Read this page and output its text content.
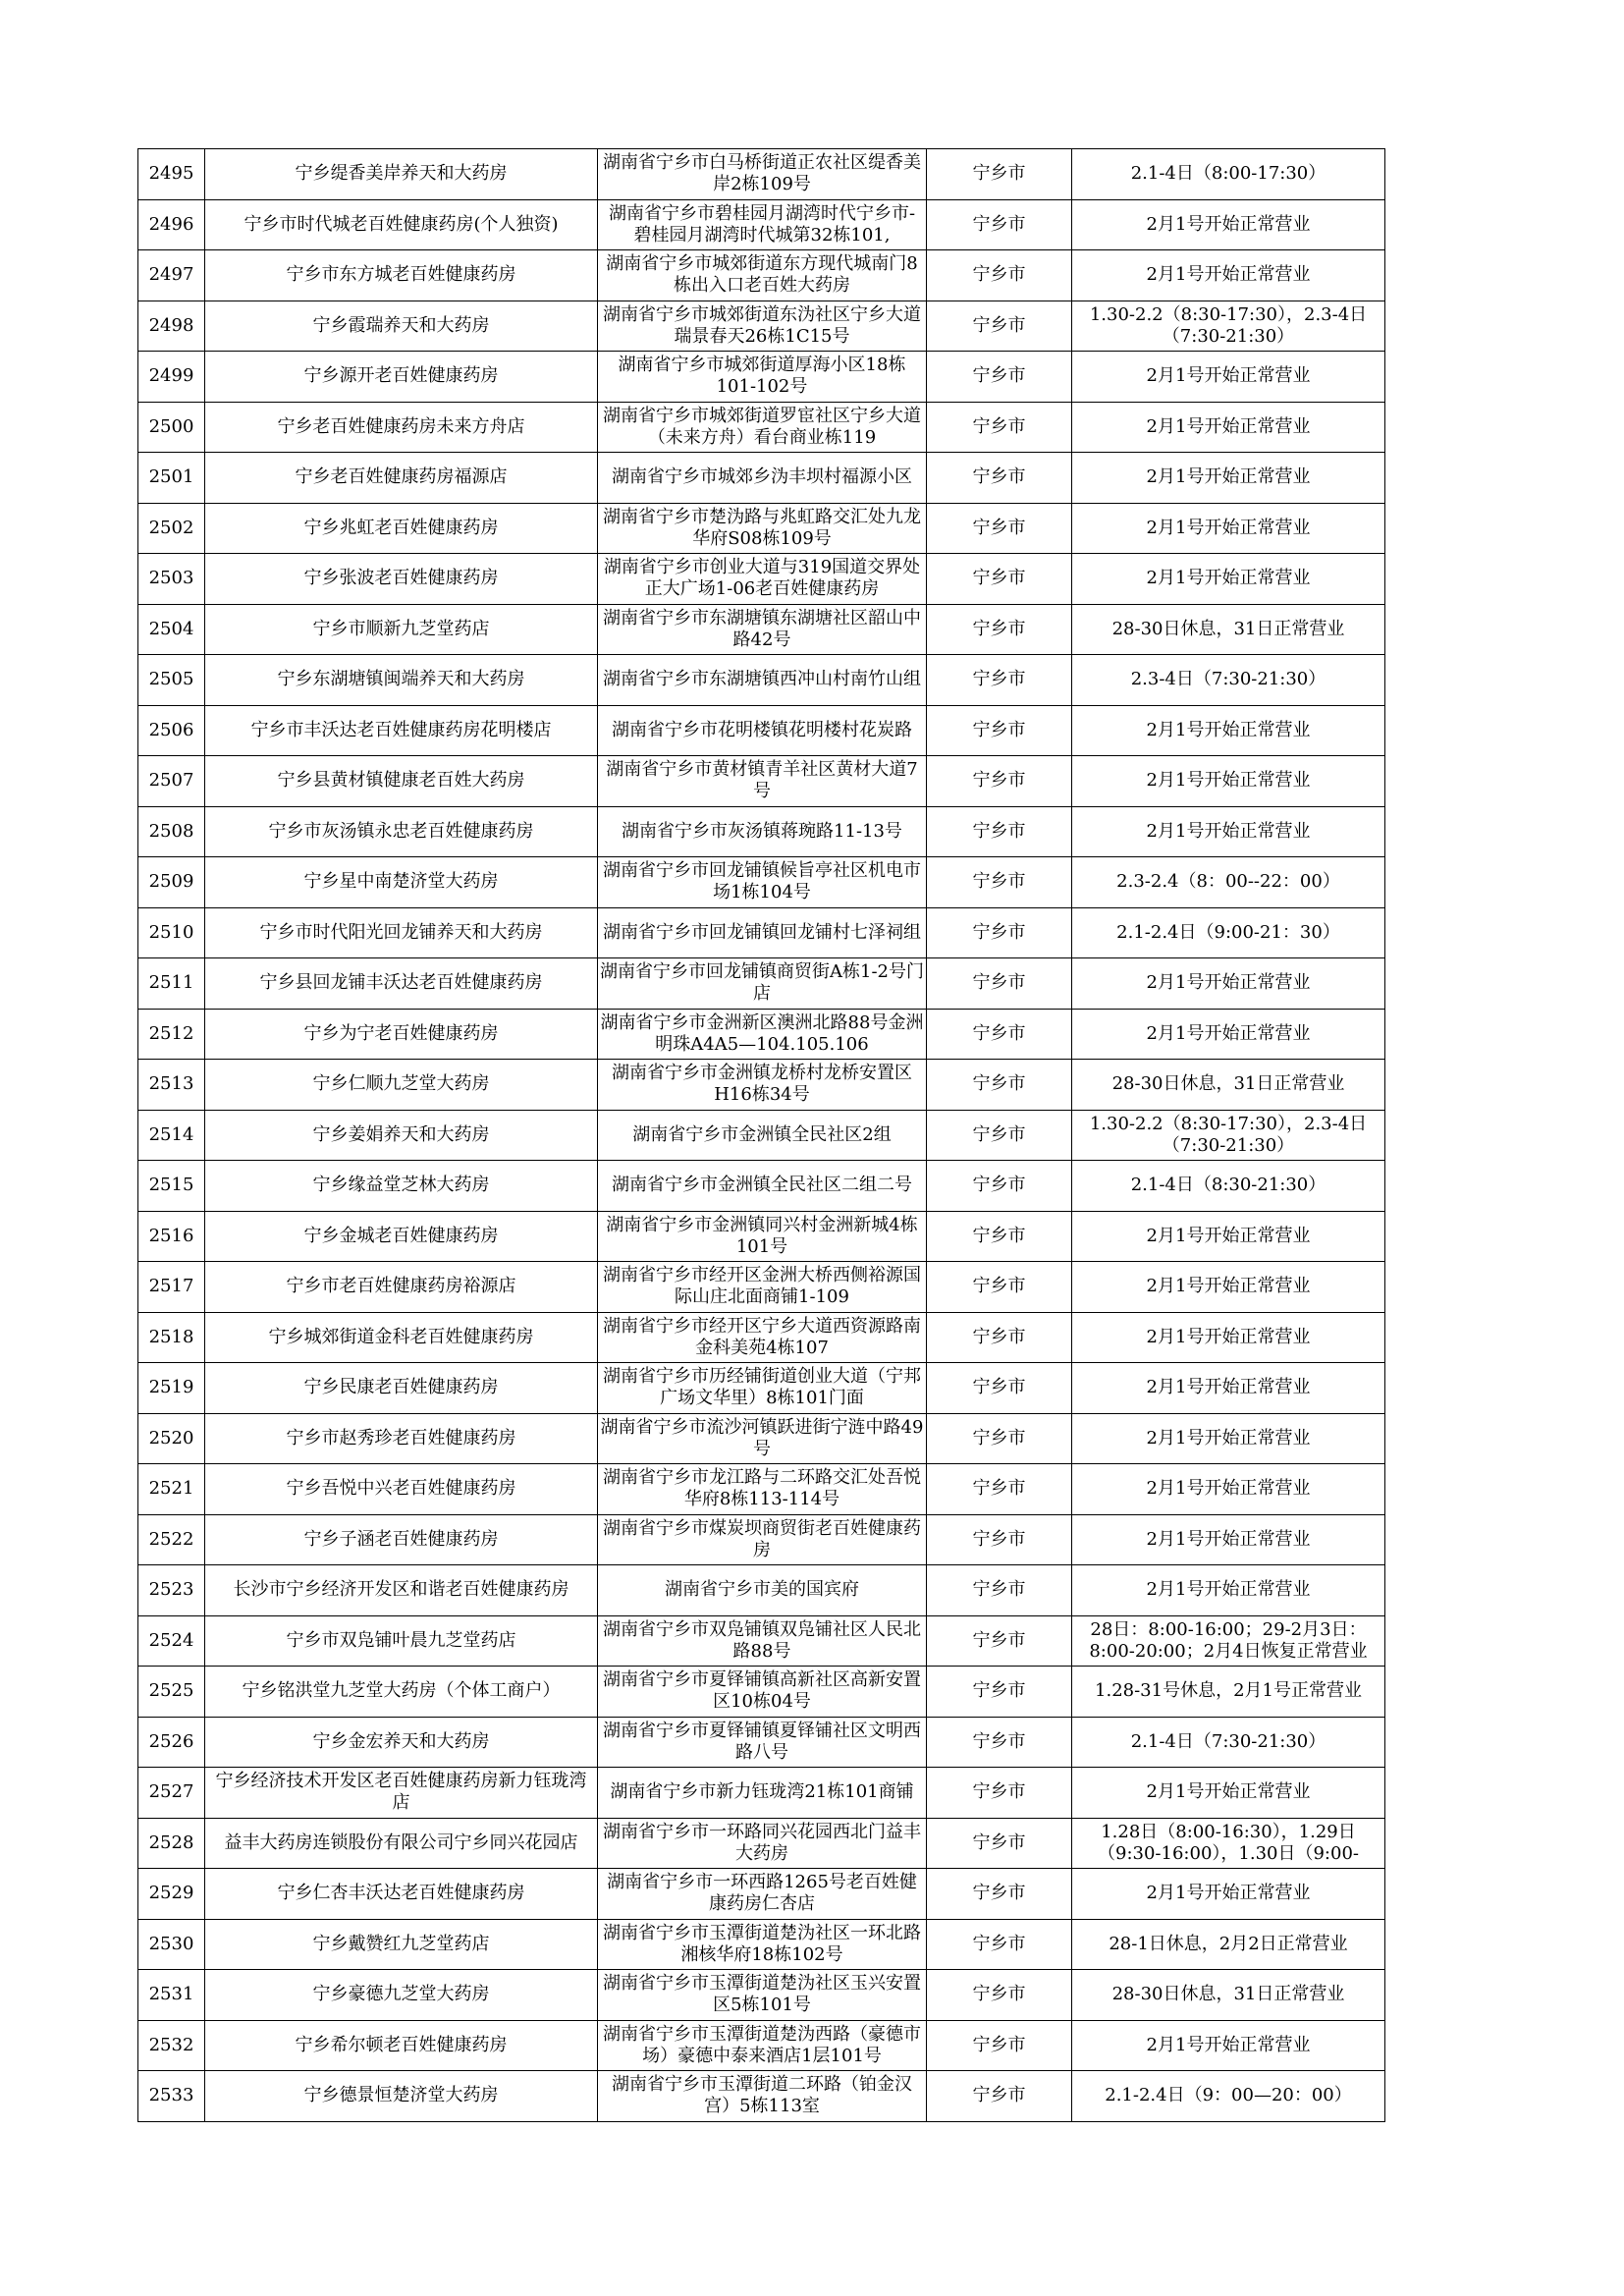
2495	宁乡缇香美岸养天和大药房	湖南省宁乡市白马桥街道正农社区缇香美岸2栋109号	宁乡市	2.1-4日（8:00-17:30）
2496	宁乡市时代城老百姓健康药房(个人独资)	湖南省宁乡市碧桂园月湖湾时代宁乡市-碧桂园月湖湾时代城第32栋101,	宁乡市	2月1号开始正常营业
2497	宁乡市东方城老百姓健康药房	湖南省宁乡市城郊街道东方现代城南门8栋出入口老百姓大药房	宁乡市	2月1号开始正常营业
2498	宁乡霞瑞养天和大药房	湖南省宁乡市城郊街道东沩社区宁乡大道瑞景春天26栋1C15号	宁乡市	1.30-2.2（8:30-17:30），2.3-4日（7:30-21:30）
2499	宁乡源开老百姓健康药房	湖南省宁乡市城郊街道厚海小区18栋101-102号	宁乡市	2月1号开始正常营业
2500	宁乡老百姓健康药房未来方舟店	湖南省宁乡市城郊街道罗宦社区宁乡大道（未来方舟）看台商业栋119	宁乡市	2月1号开始正常营业
2501	宁乡老百姓健康药房福源店	湖南省宁乡市城郊乡沩丰坝村福源小区	宁乡市	2月1号开始正常营业
2502	宁乡兆虹老百姓健康药房	湖南省宁乡市楚沩路与兆虹路交汇处九龙华府S08栋109号	宁乡市	2月1号开始正常营业
2503	宁乡张波老百姓健康药房	湖南省宁乡市创业大道与319国道交界处正大广场1-06老百姓健康药房	宁乡市	2月1号开始正常营业
2504	宁乡市顺新九芝堂药店	湖南省宁乡市东湖塘镇东湖塘社区韶山中路42号	宁乡市	28-30日休息，31日正常营业
2505	宁乡东湖塘镇闽端养天和大药房	湖南省宁乡市东湖塘镇西冲山村南竹山组	宁乡市	2.3-4日（7:30-21:30）
2506	宁乡市丰沃达老百姓健康药房花明楼店	湖南省宁乡市花明楼镇花明楼村花炭路	宁乡市	2月1号开始正常营业
2507	宁乡县黄材镇健康老百姓大药房	湖南省宁乡市黄材镇青羊社区黄材大道7号	宁乡市	2月1号开始正常营业
2508	宁乡市灰汤镇永忠老百姓健康药房	湖南省宁乡市灰汤镇蒋琬路11-13号	宁乡市	2月1号开始正常营业
2509	宁乡星中南楚济堂大药房	湖南省宁乡市回龙铺镇候旨亭社区机电市场1栋104号	宁乡市	2.3-2.4（8：00--22：00）
2510	宁乡市时代阳光回龙铺养天和大药房	湖南省宁乡市回龙铺镇回龙铺村七泽祠组	宁乡市	2.1-2.4日（9:00-21：30）
2511	宁乡县回龙铺丰沃达老百姓健康药房	湖南省宁乡市回龙铺镇商贸街A栋1-2号门店	宁乡市	2月1号开始正常营业
2512	宁乡为宁老百姓健康药房	湖南省宁乡市金洲新区澳洲北路88号金洲明珠A4A5—104.105.106	宁乡市	2月1号开始正常营业
2513	宁乡仁顺九芝堂大药房	湖南省宁乡市金洲镇龙桥村龙桥安置区H16栋34号	宁乡市	28-30日休息，31日正常营业
2514	宁乡姜娟养天和大药房	湖南省宁乡市金洲镇全民社区2组	宁乡市	1.30-2.2（8:30-17:30），2.3-4日（7:30-21:30）
2515	宁乡缘益堂芝林大药房	湖南省宁乡市金洲镇全民社区二组二号	宁乡市	2.1-4日（8:30-21:30）
2516	宁乡金城老百姓健康药房	湖南省宁乡市金洲镇同兴村金洲新城4栋101号	宁乡市	2月1号开始正常营业
2517	宁乡市老百姓健康药房裕源店	湖南省宁乡市经开区金洲大桥西侧裕源国际山庄北面商铺1-109	宁乡市	2月1号开始正常营业
2518	宁乡城郊街道金科老百姓健康药房	湖南省宁乡市经开区宁乡大道西资源路南金科美苑4栋107	宁乡市	2月1号开始正常营业
2519	宁乡民康老百姓健康药房	湖南省宁乡市历经铺街道创业大道（宁邦广场文华里）8栋101门面	宁乡市	2月1号开始正常营业
2520	宁乡市赵秀珍老百姓健康药房	湖南省宁乡市流沙河镇跃进街宁涟中路49号	宁乡市	2月1号开始正常营业
2521	宁乡吾悦中兴老百姓健康药房	湖南省宁乡市龙江路与二环路交汇处吾悦华府8栋113-114号	宁乡市	2月1号开始正常营业
2522	宁乡子涵老百姓健康药房	湖南省宁乡市煤炭坝商贸街老百姓健康药房	宁乡市	2月1号开始正常营业
2523	长沙市宁乡经济开发区和谐老百姓健康药房	湖南省宁乡市美的国宾府	宁乡市	2月1号开始正常营业
2524	宁乡市双凫铺叶晨九芝堂药店	湖南省宁乡市双凫铺镇双凫铺社区人民北路88号	宁乡市	28日：8:00-16:00；29-2月3日：8:00-20:00；2月4日恢复正常营业
2525	宁乡铭洪堂九芝堂大药房（个体工商户）	湖南省宁乡市夏铎铺镇高新社区高新安置区10栋04号	宁乡市	1.28-31号休息，2月1号正常营业
2526	宁乡金宏养天和大药房	湖南省宁乡市夏铎铺镇夏铎铺社区文明西路八号	宁乡市	2.1-4日（7:30-21:30）
2527	宁乡经济技术开发区老百姓健康药房新力钰珑湾店	湖南省宁乡市新力钰珑湾21栋101商铺	宁乡市	2月1号开始正常营业
2528	益丰大药房连锁股份有限公司宁乡同兴花园店	湖南省宁乡市一环路同兴花园西北门益丰大药房	宁乡市	1.28日（8:00-16:30），1.29日（9:30-16:00），1.30日（9:00-
2529	宁乡仁杏丰沃达老百姓健康药房	湖南省宁乡市一环西路1265号老百姓健康药房仁杏店	宁乡市	2月1号开始正常营业
2530	宁乡戴赞红九芝堂药店	湖南省宁乡市玉潭街道楚沩社区一环北路湘核华府18栋102号	宁乡市	28-1日休息，2月2日正常营业
2531	宁乡豪德九芝堂大药房	湖南省宁乡市玉潭街道楚沩社区玉兴安置区5栋101号	宁乡市	28-30日休息，31日正常营业
2532	宁乡希尔顿老百姓健康药房	湖南省宁乡市玉潭街道楚沩西路（豪德市场）豪德中泰来酒店1层101号	宁乡市	2月1号开始正常营业
2533	宁乡德景恒楚济堂大药房	湖南省宁乡市玉潭街道二环路（铂金汉宫）5栋113室	宁乡市	2.1-2.4日（9：00—20：00）
